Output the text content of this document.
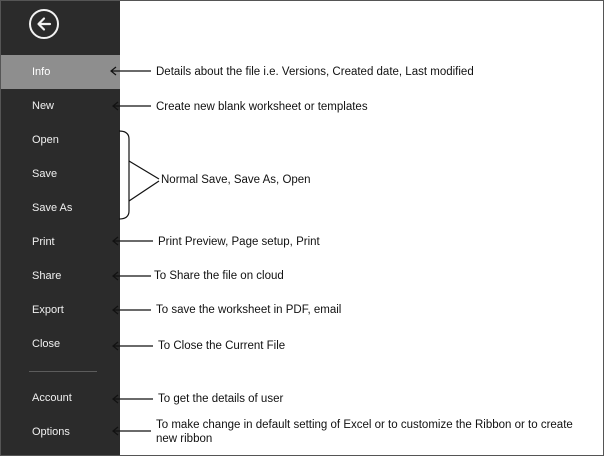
Info
New
Open
Save
Save As
Print
Share
Export
Close
Account
Options
Details about the file i.e. Versions, Created date, Last modified
Create new blank worksheet or templates
Normal Save, Save As, Open
Print Preview, Page setup, Print
To Share the file on cloud
To save the worksheet in PDF, email
To Close the Current File
To get the details of user
To make change in default setting of Excel or to customize the Ribbon or to create new ribbon
